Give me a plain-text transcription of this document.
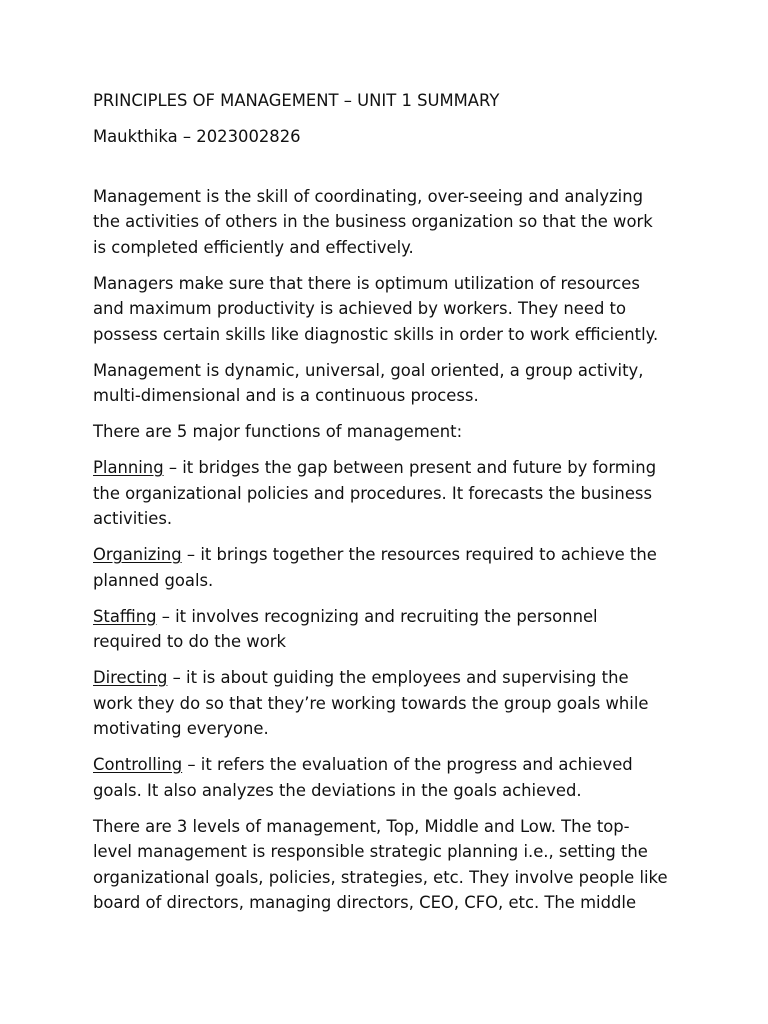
PRINCIPLES OF MANAGEMENT – UNIT 1 SUMMARY

Maukthika – 2023002826

Management is the skill of coordinating, over-seeing and analyzing

the activities of others in the business organization so that the work

is completed efficiently and effectively.

Managers make sure that there is optimum utilization of resources

and maximum productivity is achieved by workers. They need to

possess certain skills like diagnostic skills in order to work efficiently.

Management is dynamic, universal, goal oriented, a group activity,

multi-dimensional and is a continuous process.

There are 5 major functions of management:

Planning – it bridges the gap between present and future by forming

the organizational policies and procedures. It forecasts the business

activities.

Organizing – it brings together the resources required to achieve the

planned goals.

Staffing – it involves recognizing and recruiting the personnel

required to do the work

Directing – it is about guiding the employees and supervising the

work they do so that they’re working towards the group goals while

motivating everyone.

Controlling – it refers the evaluation of the progress and achieved

goals. It also analyzes the deviations in the goals achieved.

There are 3 levels of management, Top, Middle and Low. The top-

level management is responsible strategic planning i.e., setting the

organizational goals, policies, strategies, etc. They involve people like

board of directors, managing directors, CEO, CFO, etc. The middle
